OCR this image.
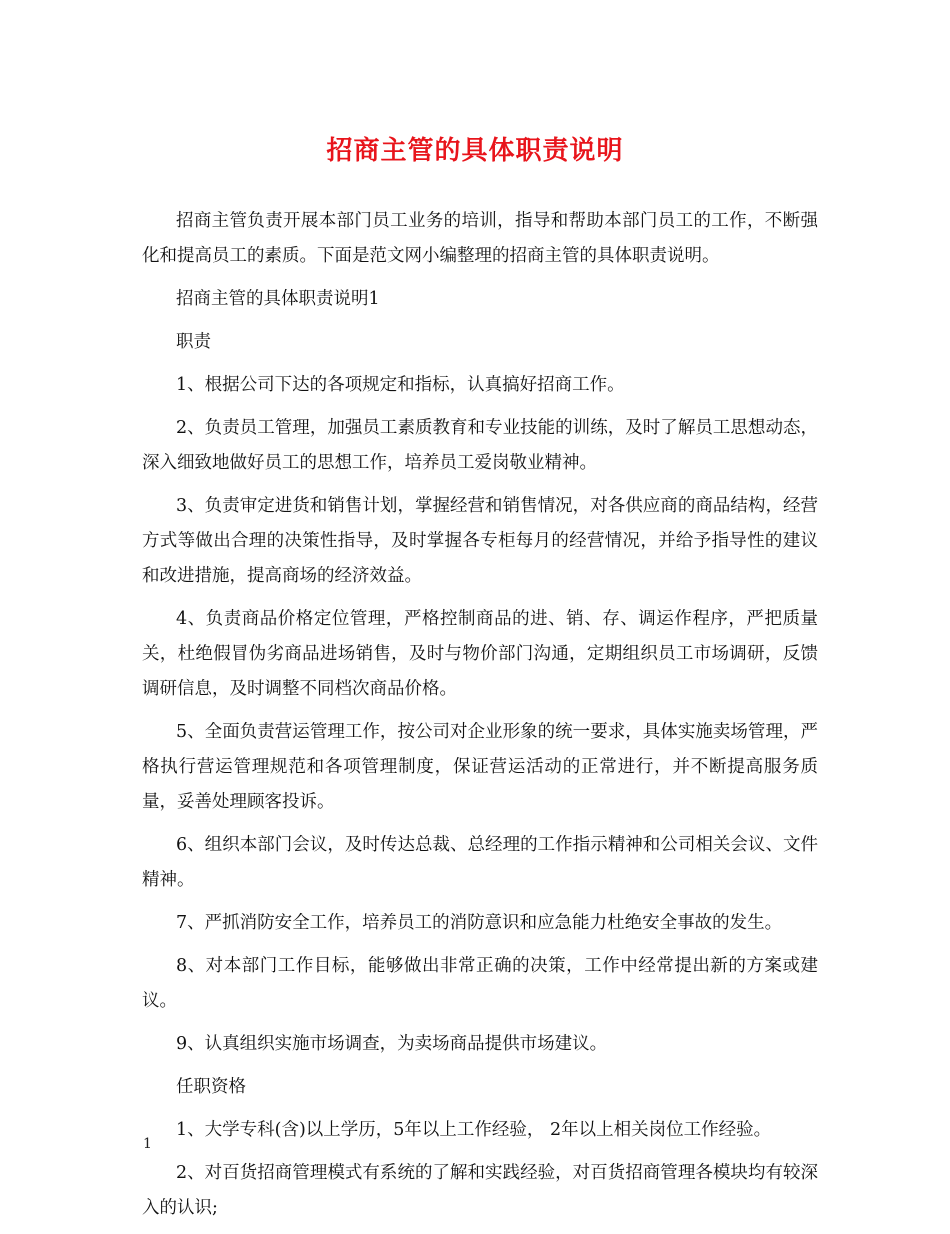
招商主管的具体职责说明

招商主管负责开展本部门员工业务的培训，指导和帮助本部门员工的工作，不断强化和提高员工的素质。下面是范文网小编整理的招商主管的具体职责说明。

招商主管的具体职责说明1

职责

1、根据公司下达的各项规定和指标，认真搞好招商工作。

2、负责员工管理，加强员工素质教育和专业技能的训练，及时了解员工思想动态，深入细致地做好员工的思想工作，培养员工爱岗敬业精神。

3、负责审定进货和销售计划，掌握经营和销售情况，对各供应商的商品结构，经营方式等做出合理的决策性指导，及时掌握各专柜每月的经营情况，并给予指导性的建议和改进措施，提高商场的经济效益。

4、负责商品价格定位管理，严格控制商品的进、销、存、调运作程序，严把质量关，杜绝假冒伪劣商品进场销售，及时与物价部门沟通，定期组织员工市场调研，反馈调研信息，及时调整不同档次商品价格。

5、全面负责营运管理工作，按公司对企业形象的统一要求，具体实施卖场管理，严格执行营运管理规范和各项管理制度，保证营运活动的正常进行，并不断提高服务质量，妥善处理顾客投诉。

6、组织本部门会议，及时传达总裁、总经理的工作指示精神和公司相关会议、文件精神。

7、严抓消防安全工作，培养员工的消防意识和应急能力杜绝安全事故的发生。

8、对本部门工作目标，能够做出非常正确的决策，工作中经常提出新的方案或建议。

9、认真组织实施市场调查，为卖场商品提供市场建议。

任职资格

1、大学专科(含)以上学历，5年以上工作经验， 2年以上相关岗位工作经验。

2、对百货招商管理模式有系统的了解和实践经验，对百货招商管理各模块均有较深入的认识;

1
